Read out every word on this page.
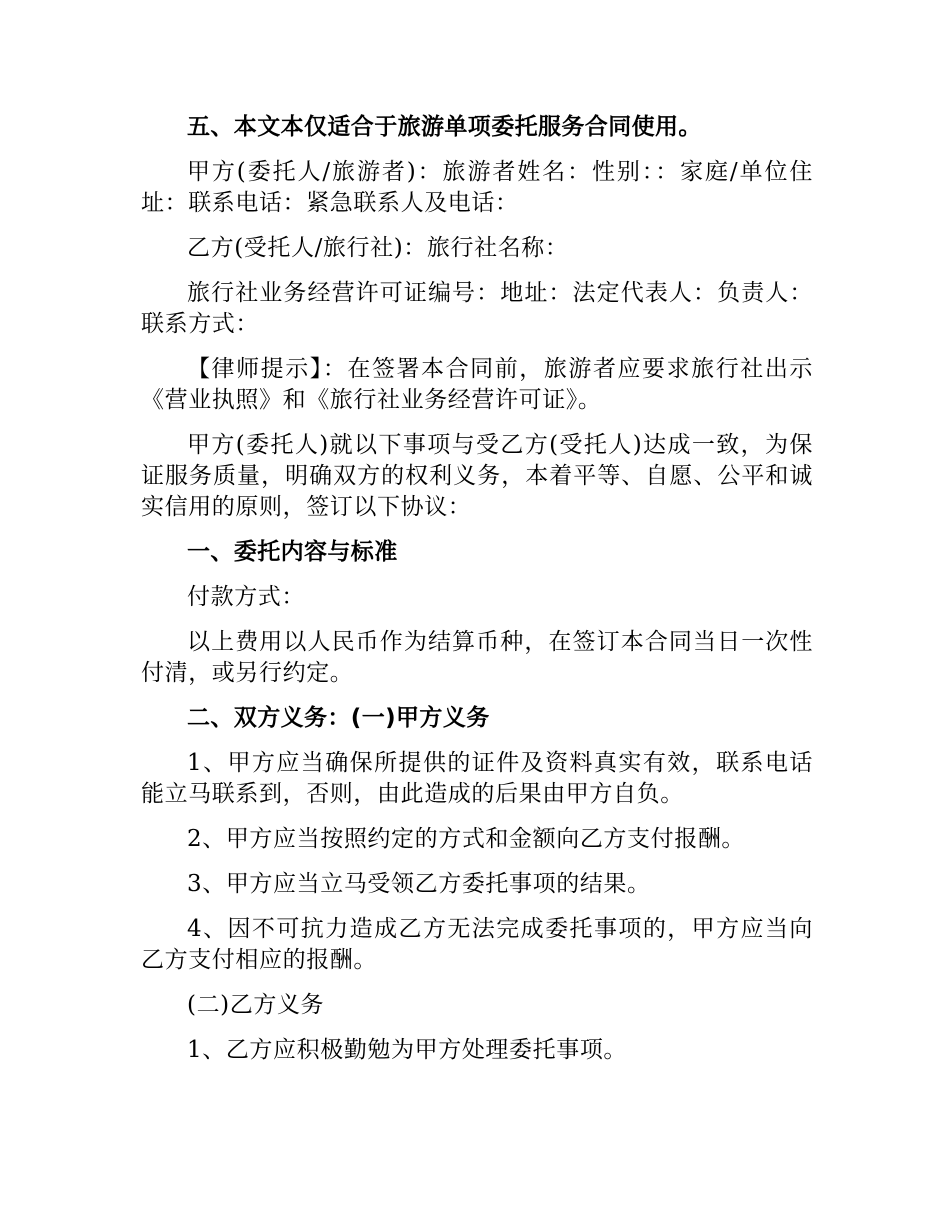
五、本文本仅适合于旅游单项委托服务合同使用。

甲方(委托人/旅游者)：旅游者姓名：性别：：家庭/单位住址：联系电话：紧急联系人及电话：

乙方(受托人/旅行社)：旅行社名称：

旅行社业务经营许可证编号：地址：法定代表人：负责人：联系方式：

【律师提示】：在签署本合同前，旅游者应要求旅行社出示《营业执照》和《旅行社业务经营许可证》。

甲方(委托人)就以下事项与受乙方(受托人)达成一致，为保证服务质量，明确双方的权利义务，本着平等、自愿、公平和诚实信用的原则，签订以下协议：

一、委托内容与标准

付款方式：

以上费用以人民币作为结算币种，在签订本合同当日一次性付清，或另行约定。

二、双方义务：(一)甲方义务

1、甲方应当确保所提供的证件及资料真实有效，联系电话能立马联系到，否则，由此造成的后果由甲方自负。

2、甲方应当按照约定的方式和金额向乙方支付报酬。

3、甲方应当立马受领乙方委托事项的结果。

4、因不可抗力造成乙方无法完成委托事项的，甲方应当向乙方支付相应的报酬。

(二)乙方义务

1、乙方应积极勤勉为甲方处理委托事项。
